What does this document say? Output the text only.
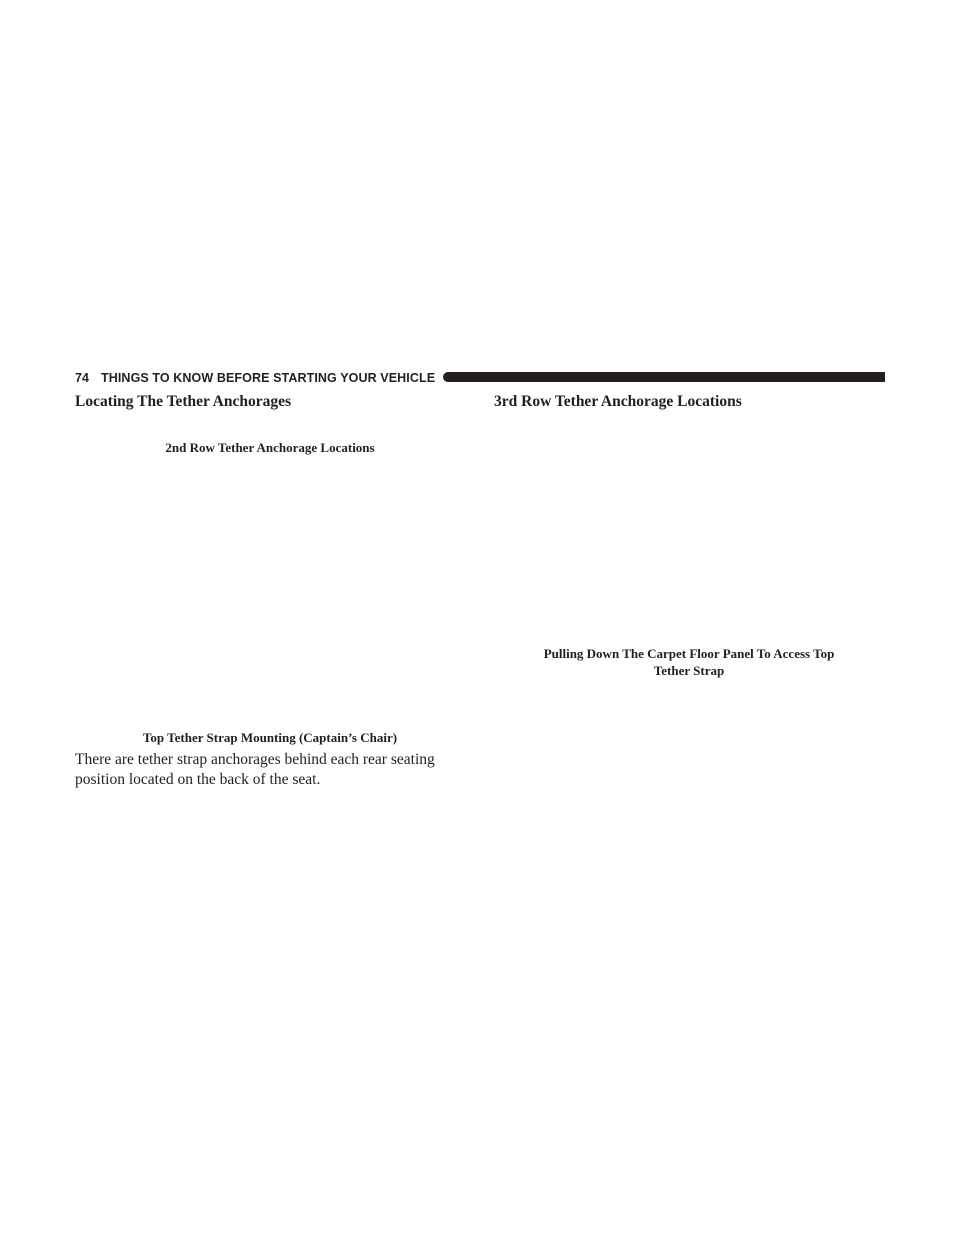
74 THINGS TO KNOW BEFORE STARTING YOUR VEHICLE
Locating The Tether Anchorages
2nd Row Tether Anchorage Locations
Top Tether Strap Mounting (Captain’s Chair)
There are tether strap anchorages behind each rear seating position located on the back of the seat.
3rd Row Tether Anchorage Locations
Pulling Down The Carpet Floor Panel To Access Top
Tether Strap
